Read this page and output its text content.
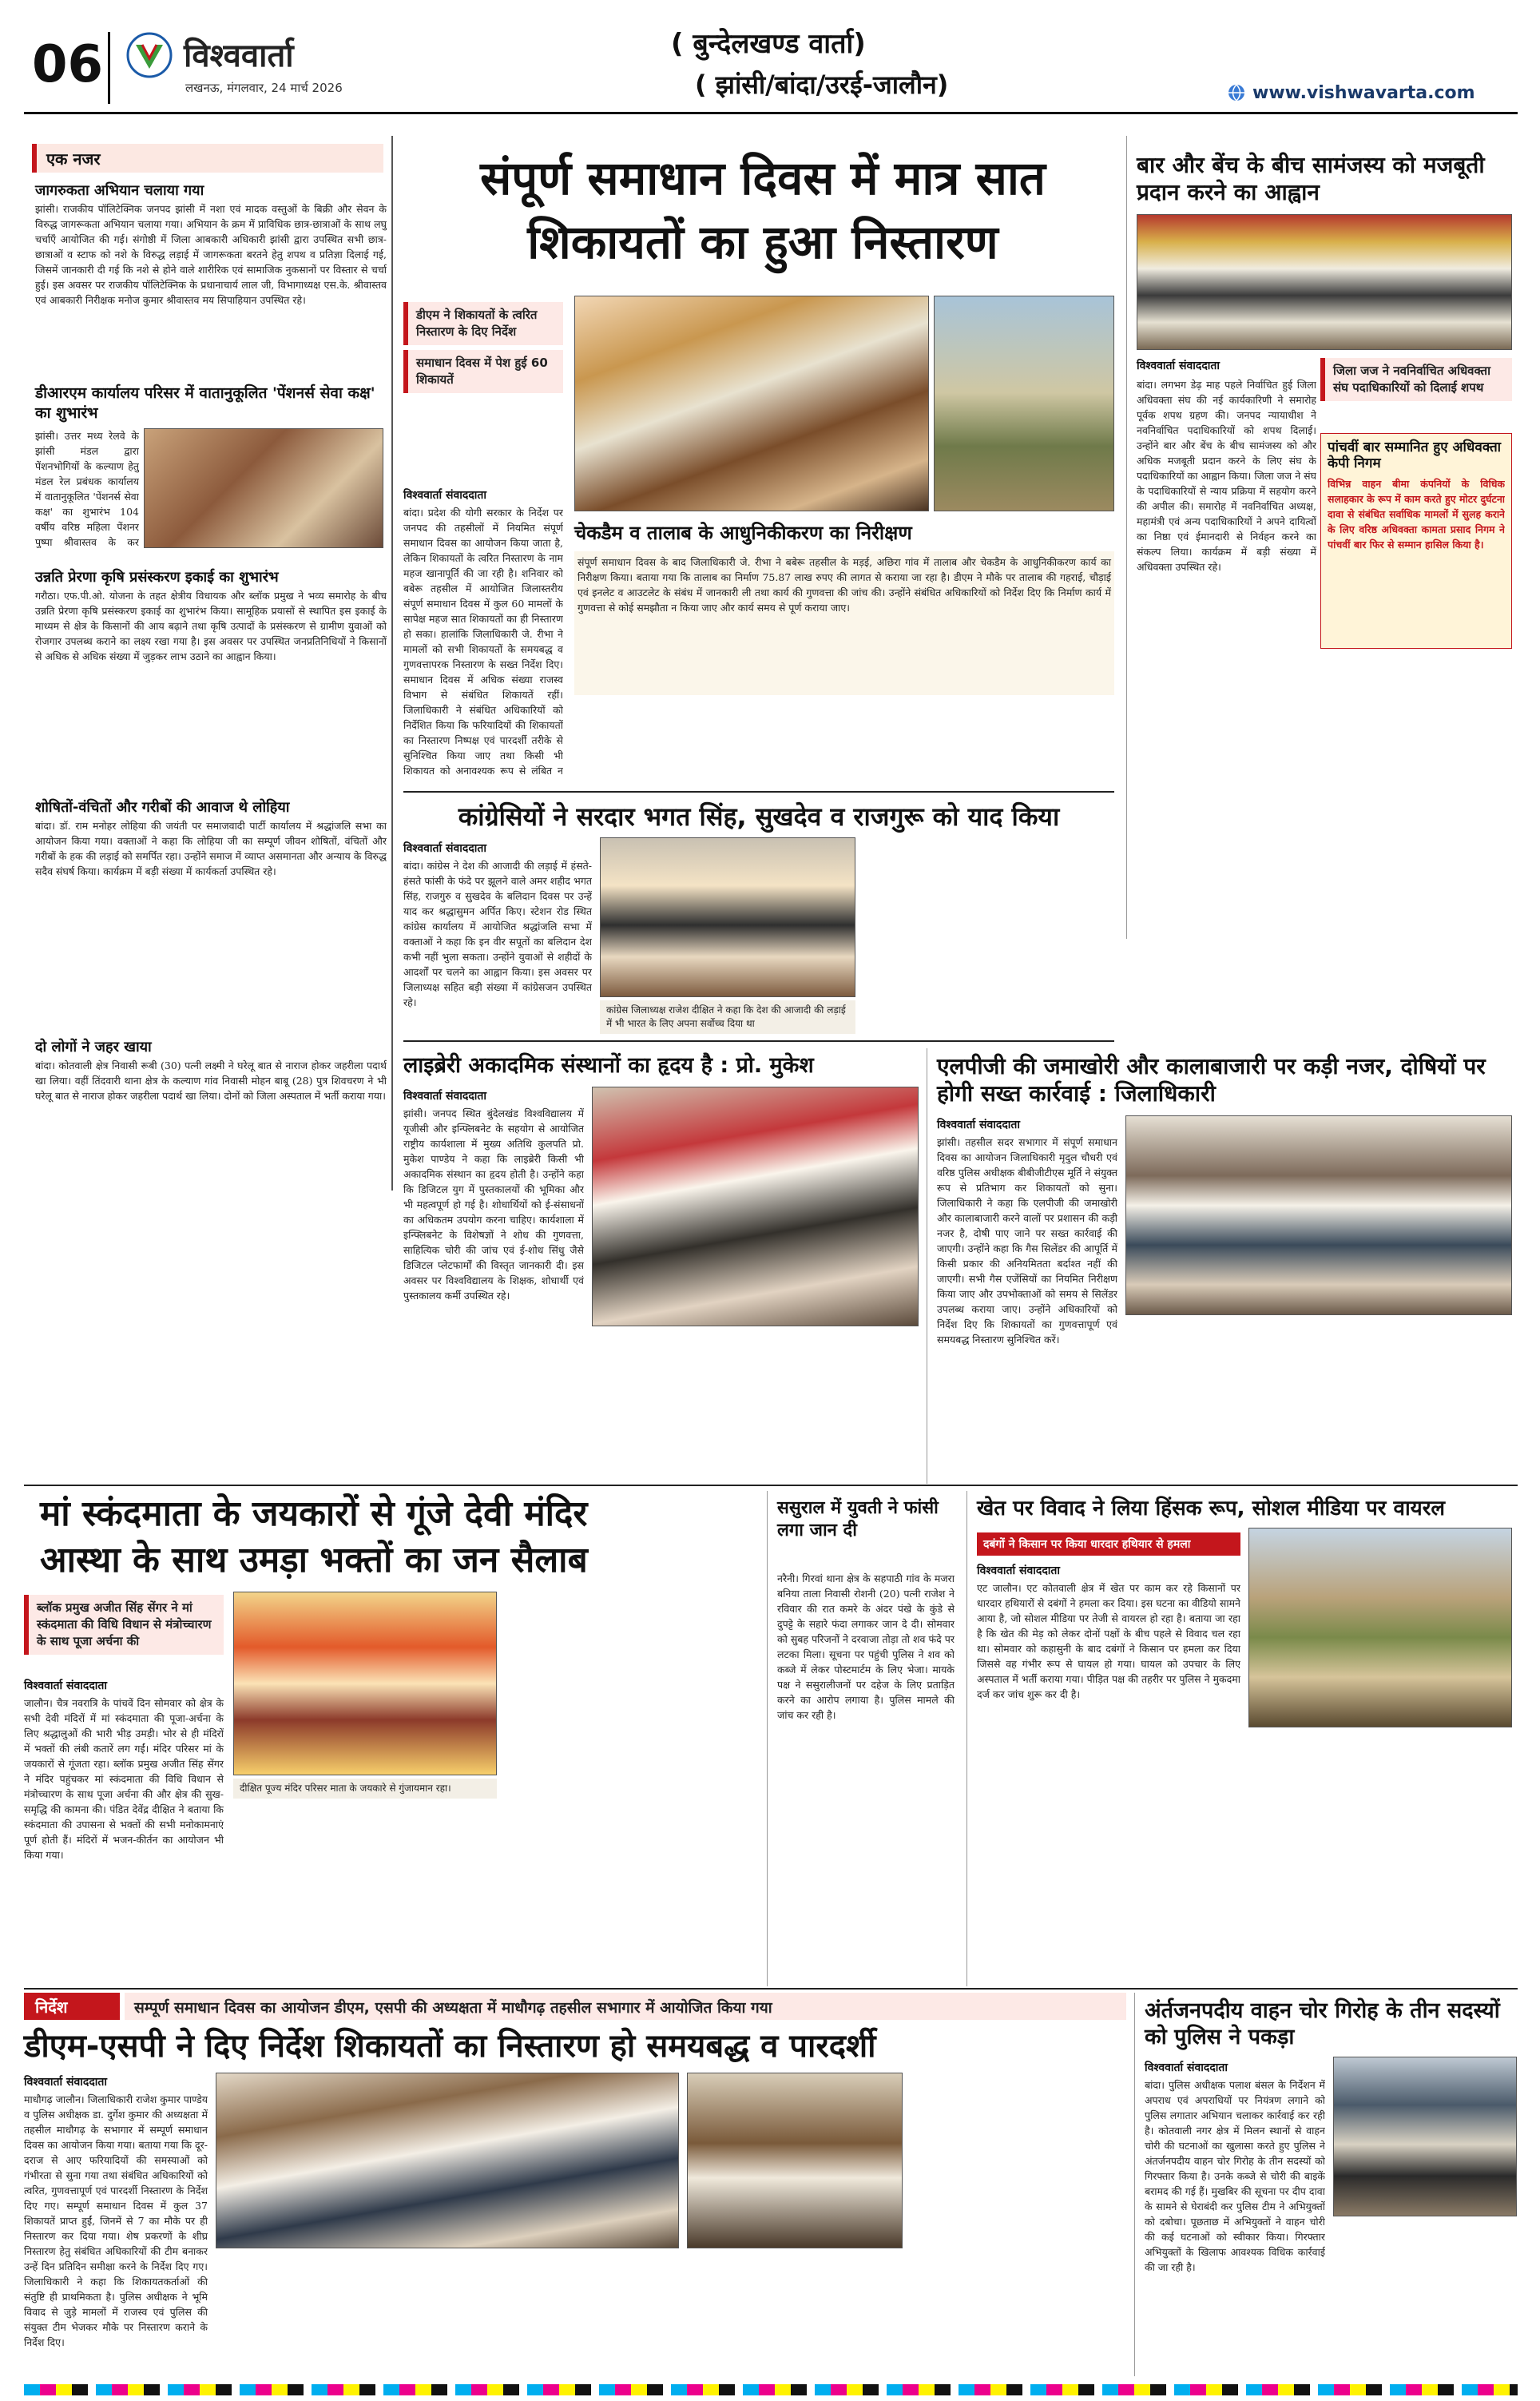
06	विश्ववार्ता
लखनऊ, मंगलवार, 24 मार्च 2026
( बुन्देलखण्ड वार्ता)
( झांसी/बांदा/उरई-जालौन)	www.vishwavarta.com
एक नजर
जागरुकता अभियान चलाया गया
झांसी। राजकीय पॉलिटेक्निक जनपद झांसी में नशा एवं मादक वस्तुओं के बिक्री और सेवन के विरुद्ध जागरूकता अभियान चलाया गया। अभियान के क्रम में प्राविधिक छात्र-छात्राओं के साथ लघु चर्चाएँ आयोजित की गई। संगोष्ठी में जिला आबकारी अधिकारी झांसी द्वारा उपस्थित सभी छात्र-छात्राओं व स्टाफ को नशे के विरुद्ध लड़ाई में जागरूकता बरतने हेतु शपथ व प्रतिज्ञा दिलाई गई, जिसमें जानकारी दी गई कि नशे से होने वाले शारीरिक एवं सामाजिक नुकसानों पर विस्तार से चर्चा हुई। इस अवसर पर राजकीय पॉलिटेक्निक के प्रधानाचार्य लाल जी, विभागाध्यक्ष एस.के. श्रीवास्तव एवं आबकारी निरीक्षक मनोज कुमार श्रीवास्तव मय सिपाहियान उपस्थित रहे।
डीआरएम कार्यालय परिसर में वातानुकूलित 'पेंशनर्स सेवा कक्ष' का शुभारंभ
झांसी। उत्तर मध्य रेलवे के झांसी मंडल द्वारा पेंशनभोगियों के कल्याण हेतु मंडल रेल प्रबंधक कार्यालय में वातानुकूलित 'पेंशनर्स सेवा कक्ष' का शुभारंभ 104 वर्षीय वरिष्ठ महिला पेंशनर पुष्पा श्रीवास्तव के कर
उन्नति प्रेरणा कृषि प्रसंस्करण इकाई का शुभारंभ
गरौठा। एफ.पी.ओ. योजना के तहत क्षेत्रीय विधायक और ब्लॉक प्रमुख ने भव्य समारोह के बीच उन्नति प्रेरणा कृषि प्रसंस्करण इकाई का शुभारंभ किया। सामूहिक प्रयासों से स्थापित इस इकाई के माध्यम से क्षेत्र के किसानों की आय बढ़ाने तथा कृषि उत्पादों के प्रसंस्करण से ग्रामीण युवाओं को रोजगार उपलब्ध कराने का लक्ष्य रखा गया है। इस अवसर पर उपस्थित जनप्रतिनिधियों ने किसानों से अधिक से अधिक संख्या में जुड़कर लाभ उठाने का आह्वान किया।
शोषितों-वंचितों और गरीबों की आवाज थे लोहिया
बांदा। डॉ. राम मनोहर लोहिया की जयंती पर समाजवादी पार्टी कार्यालय में श्रद्धांजलि सभा का आयोजन किया गया। वक्ताओं ने कहा कि लोहिया जी का सम्पूर्ण जीवन शोषितों, वंचितों और गरीबों के हक की लड़ाई को समर्पित रहा। उन्होंने समाज में व्याप्त असमानता और अन्याय के विरुद्ध सदैव संघर्ष किया। कार्यक्रम में बड़ी संख्या में कार्यकर्ता उपस्थित रहे।
दो लोगों ने जहर खाया
बांदा। कोतवाली क्षेत्र निवासी रूबी (30) पत्नी लक्ष्मी ने घरेलू बात से नाराज होकर जहरीला पदार्थ खा लिया। वहीं तिंदवारी थाना क्षेत्र के कल्याण गांव निवासी मोहन बाबू (28) पुत्र शिवचरण ने भी घरेलू बात से नाराज होकर जहरीला पदार्थ खा लिया। दोनों को जिला अस्पताल में भर्ती कराया गया।
संपूर्ण समाधान दिवस में मात्र सात
शिकायतों का हुआ निस्तारण
डीएम ने शिकायतों के त्वरित निस्तारण के दिए निर्देश
समाधान दिवस में पेश हुई 60 शिकायतें
विश्ववार्ता संवाददाता
बांदा। प्रदेश की योगी सरकार के निर्देश पर जनपद की तहसीलों में नियमित संपूर्ण समाधान दिवस का आयोजन किया जाता है, लेकिन शिकायतों के त्वरित निस्तारण के नाम महज खानापूर्ति की जा रही है। शनिवार को बबेरू तहसील में आयोजित जिलास्तरीय संपूर्ण समाधान दिवस में कुल 60 मामलों के सापेक्ष महज सात शिकायतों का ही निस्तारण हो सका। हालांकि जिलाधिकारी जे. रीभा ने मामलों को सभी शिकायतों के समयबद्ध व गुणवत्तापरक निस्तारण के सख्त निर्देश दिए। समाधान दिवस में अधिक संख्या राजस्व विभाग से संबंधित शिकायतें रहीं। जिलाधिकारी ने संबंधित अधिकारियों को निर्देशित किया कि फरियादियों की शिकायतों का निस्तारण निष्पक्ष एवं पारदर्शी तरीके से सुनिश्चित किया जाए तथा किसी भी शिकायत को अनावश्यक रूप से लंबित न
चेकडैम व तालाब के आधुनिकीकरण का निरीक्षण
संपूर्ण समाधान दिवस के बाद जिलाधिकारी जे. रीभा ने बबेरू तहसील के मड़ई, अछिरा गांव में तालाब और चेकडैम के आधुनिकीकरण कार्य का निरीक्षण किया। बताया गया कि तालाब का निर्माण 75.87 लाख रुपए की लागत से कराया जा रहा है। डीएम ने मौके पर तालाब की गहराई, चौड़ाई एवं इनलेट व आउटलेट के संबंध में जानकारी ली तथा कार्य की गुणवत्ता की जांच की। उन्होंने संबंधित अधिकारियों को निर्देश दिए कि निर्माण कार्य में गुणवत्ता से कोई समझौता न किया जाए और कार्य समय से पूर्ण कराया जाए।
बार और बेंच के बीच सामंजस्य को मजबूती प्रदान करने का आह्वान
विश्ववार्ता संवाददाता	जिला जज ने नवनिर्वाचित अधिवक्ता संघ पदाधिकारियों को दिलाई शपथ
बांदा। लगभग डेढ़ माह पहले निर्वाचित हुई जिला अधिवक्ता संघ की नई कार्यकारिणी ने समारोह पूर्वक शपथ ग्रहण की। जनपद न्यायाधीश ने नवनिर्वाचित पदाधिकारियों को शपथ दिलाई। उन्होंने बार और बेंच के बीच सामंजस्य को और अधिक मजबूती प्रदान करने के लिए संघ के पदाधिकारियों का आह्वान किया। जिला जज ने संघ के पदाधिकारियों से न्याय प्रक्रिया में सहयोग करने की अपील की। समारोह में नवनिर्वाचित अध्यक्ष, महामंत्री एवं अन्य पदाधिकारियों ने अपने दायित्वों का निष्ठा एवं ईमानदारी से निर्वहन करने का संकल्प लिया। कार्यक्रम में बड़ी संख्या में अधिवक्ता उपस्थित रहे।
पांचवीं बार सम्मानित हुए अधिवक्ता केपी निगम
विभिन्न वाहन बीमा कंपनियों के विधिक सलाहकार के रूप में काम करते हुए मोटर दुर्घटना दावा से संबंधित सर्वाधिक मामलों में सुलह कराने के लिए वरिष्ठ अधिवक्ता कामता प्रसाद निगम ने पांचवीं बार फिर से सम्मान हासिल किया है।
कांग्रेसियों ने सरदार भगत सिंह, सुखदेव व राजगुरू को याद किया
विश्ववार्ता संवाददाता
बांदा। कांग्रेस ने देश की आजादी की लड़ाई में हंसते-हंसते फांसी के फंदे पर झूलने वाले अमर शहीद भगत सिंह, राजगुरु व सुखदेव के बलिदान दिवस पर उन्हें याद कर श्रद्धासुमन अर्पित किए। स्टेशन रोड स्थित कांग्रेस कार्यालय में आयोजित श्रद्धांजलि सभा में वक्ताओं ने कहा कि इन वीर सपूतों का बलिदान देश कभी नहीं भुला सकता। उन्होंने युवाओं से शहीदों के आदर्शों पर चलने का आह्वान किया। इस अवसर पर जिलाध्यक्ष सहित बड़ी संख्या में कांग्रेसजन उपस्थित रहे।
कांग्रेस जिलाध्यक्ष राजेश दीक्षित ने कहा कि देश की आजादी की लड़ाई में भी भारत के लिए अपना सर्वोच्च दिया था
लाइब्रेरी अकादमिक संस्थानों का हृदय है : प्रो. मुकेश
विश्ववार्ता संवाददाता
झांसी। जनपद स्थित बुंदेलखंड विश्वविद्यालय में यूजीसी और इन्फ्लिबनेट के सहयोग से आयोजित राष्ट्रीय कार्यशाला में मुख्य अतिथि कुलपति प्रो. मुकेश पाण्डेय ने कहा कि लाइब्रेरी किसी भी अकादमिक संस्थान का हृदय होती है। उन्होंने कहा कि डिजिटल युग में पुस्तकालयों की भूमिका और भी महत्वपूर्ण हो गई है। शोधार्थियों को ई-संसाधनों का अधिकतम उपयोग करना चाहिए। कार्यशाला में इन्फ्लिबनेट के विशेषज्ञों ने शोध की गुणवत्ता, साहित्यिक चोरी की जांच एवं ई-शोध सिंधु जैसे डिजिटल प्लेटफार्मों की विस्तृत जानकारी दी। इस अवसर पर विश्वविद्यालय के शिक्षक, शोधार्थी एवं पुस्तकालय कर्मी उपस्थित रहे।
एलपीजी की जमाखोरी और कालाबाजारी पर कड़ी नजर, दोषियों पर होगी सख्त कार्रवाई : जिलाधिकारी
विश्ववार्ता संवाददाता
झांसी। तहसील सदर सभागार में संपूर्ण समाधान दिवस का आयोजन जिलाधिकारी मृदुल चौधरी एवं वरिष्ठ पुलिस अधीक्षक बीबीजीटीएस मूर्ति ने संयुक्त रूप से प्रतिभाग कर शिकायतों को सुना। जिलाधिकारी ने कहा कि एलपीजी की जमाखोरी और कालाबाजारी करने वालों पर प्रशासन की कड़ी नजर है, दोषी पाए जाने पर सख्त कार्रवाई की जाएगी। उन्होंने कहा कि गैस सिलेंडर की आपूर्ति में किसी प्रकार की अनियमितता बर्दाश्त नहीं की जाएगी। सभी गैस एजेंसियों का नियमित निरीक्षण किया जाए और उपभोक्ताओं को समय से सिलेंडर उपलब्ध कराया जाए। उन्होंने अधिकारियों को निर्देश दिए कि शिकायतों का गुणवत्तापूर्ण एवं समयबद्ध निस्तारण सुनिश्चित करें।
मां स्कंदमाता के जयकारों से गूंजे देवी मंदिर
आस्था के साथ उमड़ा भक्तों का जन सैलाब
ब्लॉक प्रमुख अजीत सिंह सेंगर ने मां स्कंदमाता की विधि विधान से मंत्रोच्चारण के साथ पूजा अर्चना की
दीक्षित पूज्य मंदिर परिसर माता के जयकारे से गुंजायमान रहा।
विश्ववार्ता संवाददाता
जालौन। चैत्र नवरात्रि के पांचवें दिन सोमवार को क्षेत्र के सभी देवी मंदिरों में मां स्कंदमाता की पूजा-अर्चना के लिए श्रद्धालुओं की भारी भीड़ उमड़ी। भोर से ही मंदिरों में भक्तों की लंबी कतारें लग गईं। मंदिर परिसर मां के जयकारों से गूंजता रहा। ब्लॉक प्रमुख अजीत सिंह सेंगर ने मंदिर पहुंचकर मां स्कंदमाता की विधि विधान से मंत्रोच्चारण के साथ पूजा अर्चना की और क्षेत्र की सुख-समृद्धि की कामना की। पंडित देवेंद्र दीक्षित ने बताया कि स्कंदमाता की उपासना से भक्तों की सभी मनोकामनाएं पूर्ण होती हैं। मंदिरों में भजन-कीर्तन का आयोजन भी किया गया।
ससुराल में युवती ने फांसी लगा जान दी
नरैनी। गिरवां थाना क्षेत्र के सहपाठी गांव के मजरा बनिया ताला निवासी रोशनी (20) पत्नी राजेश ने रविवार की रात कमरे के अंदर पंखे के कुंडे से दुपट्टे के सहारे फंदा लगाकर जान दे दी। सोमवार को सुबह परिजनों ने दरवाजा तोड़ा तो शव फंदे पर लटका मिला। सूचना पर पहुंची पुलिस ने शव को कब्जे में लेकर पोस्टमार्टम के लिए भेजा। मायके पक्ष ने ससुरालीजनों पर दहेज के लिए प्रताड़ित करने का आरोप लगाया है। पुलिस मामले की जांच कर रही है।
खेत पर विवाद ने लिया हिंसक रूप, सोशल मीडिया पर वायरल
दबंगों ने किसान पर किया धारदार हथियार से हमला
विश्ववार्ता संवाददाता
एट जालौन। एट कोतवाली क्षेत्र में खेत पर काम कर रहे किसानों पर धारदार हथियारों से दबंगों ने हमला कर दिया। इस घटना का वीडियो सामने आया है, जो सोशल मीडिया पर तेजी से वायरल हो रहा है। बताया जा रहा है कि खेत की मेड़ को लेकर दोनों पक्षों के बीच पहले से विवाद चल रहा था। सोमवार को कहासुनी के बाद दबंगों ने किसान पर हमला कर दिया जिससे वह गंभीर रूप से घायल हो गया। घायल को उपचार के लिए अस्पताल में भर्ती कराया गया। पीड़ित पक्ष की तहरीर पर पुलिस ने मुकदमा दर्ज कर जांच शुरू कर दी है।
निर्देश	सम्पूर्ण समाधान दिवस का आयोजन डीएम, एसपी की अध्यक्षता में माधौगढ़ तहसील सभागार में आयोजित किया गया
डीएम-एसपी ने दिए निर्देश शिकायतों का निस्तारण हो समयबद्ध व पारदर्शी
विश्ववार्ता संवाददाता
माधौगढ़ जालौन। जिलाधिकारी राजेश कुमार पाण्डेय व पुलिस अधीक्षक डा. दुर्गेश कुमार की अध्यक्षता में तहसील माधौगढ़ के सभागार में सम्पूर्ण समाधान दिवस का आयोजन किया गया। बताया गया कि दूर-दराज से आए फरियादियों की समस्याओं को गंभीरता से सुना गया तथा संबंधित अधिकारियों को त्वरित, गुणवत्तापूर्ण एवं पारदर्शी निस्तारण के निर्देश दिए गए। सम्पूर्ण समाधान दिवस में कुल 37 शिकायतें प्राप्त हुईं, जिनमें से 7 का मौके पर ही निस्तारण कर दिया गया। शेष प्रकरणों के शीघ्र निस्तारण हेतु संबंधित अधिकारियों की टीम बनाकर उन्हें दिन प्रतिदिन समीक्षा करने के निर्देश दिए गए। जिलाधिकारी ने कहा कि शिकायतकर्ताओं की संतुष्टि ही प्राथमिकता है। पुलिस अधीक्षक ने भूमि विवाद से जुड़े मामलों में राजस्व एवं पुलिस की संयुक्त टीम भेजकर मौके पर निस्तारण कराने के निर्देश दिए।
अंर्तजनपदीय वाहन चोर गिरोह के तीन सदस्यों को पुलिस ने पकड़ा
विश्ववार्ता संवाददाता
बांदा। पुलिस अधीक्षक पलाश बंसल के निर्देशन में अपराध एवं अपराधियों पर नियंत्रण लगाने को पुलिस लगातार अभियान चलाकर कार्रवाई कर रही है। कोतवाली नगर क्षेत्र में मिलन स्थानों से वाहन चोरी की घटनाओं का खुलासा करते हुए पुलिस ने अंतर्जनपदीय वाहन चोर गिरोह के तीन सदस्यों को गिरफ्तार किया है। उनके कब्जे से चोरी की बाइकें बरामद की गई हैं। मुखबिर की सूचना पर दीप दावा के सामने से घेराबंदी कर पुलिस टीम ने अभियुक्तों को दबोचा। पूछताछ में अभियुक्तों ने वाहन चोरी की कई घटनाओं को स्वीकार किया। गिरफ्तार अभियुक्तों के खिलाफ आवश्यक विधिक कार्रवाई की जा रही है।
